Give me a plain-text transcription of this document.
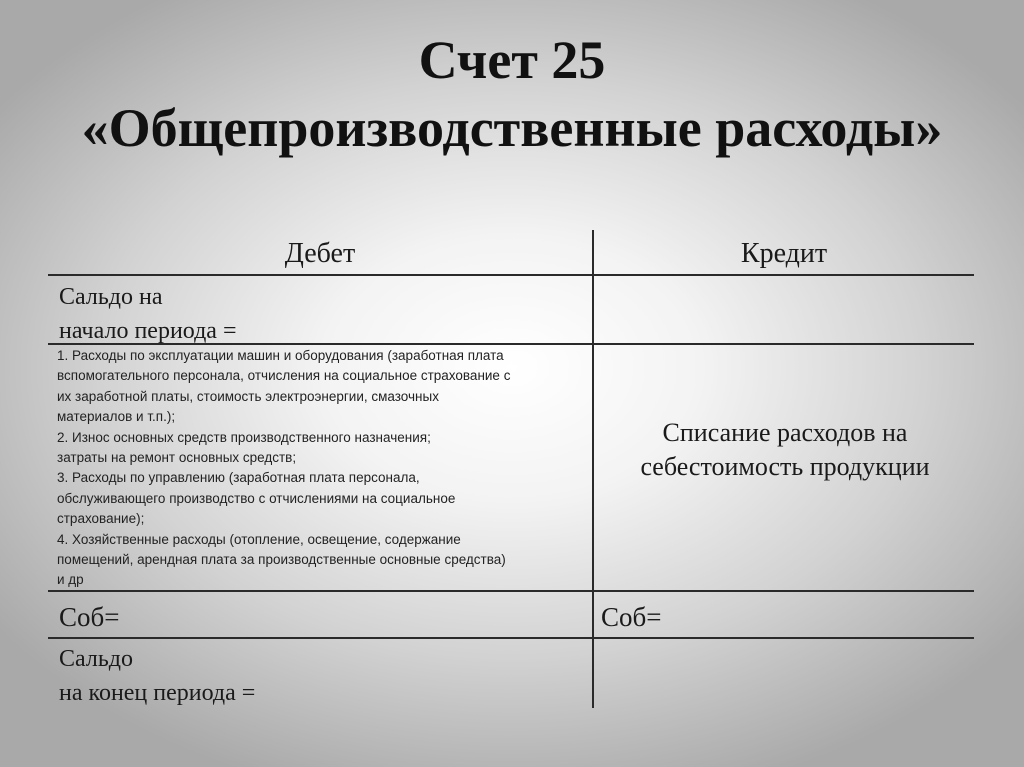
Счет 25
«Общепроизводственные расходы»
Дебет	Кредит
Сальдо на
начало периода =
1. Расходы по эксплуатации машин и оборудования (заработная плата
вспомогательного персонала, отчисления на социальное страхование с
их заработной платы, стоимость электроэнергии, смазочных
материалов и т.п.);
2. Износ основных средств производственного назначения;
затраты на ремонт основных средств;
3. Расходы по управлению (заработная плата персонала,
обслуживающего производство с отчислениями на социальное
страхование);
4. Хозяйственные расходы (отопление, освещение, содержание
помещений, арендная плата за производственные основные средства)
и др
Списание расходов на
себестоимость продукции
Соб=	Соб=
Сальдо
на конец периода =
